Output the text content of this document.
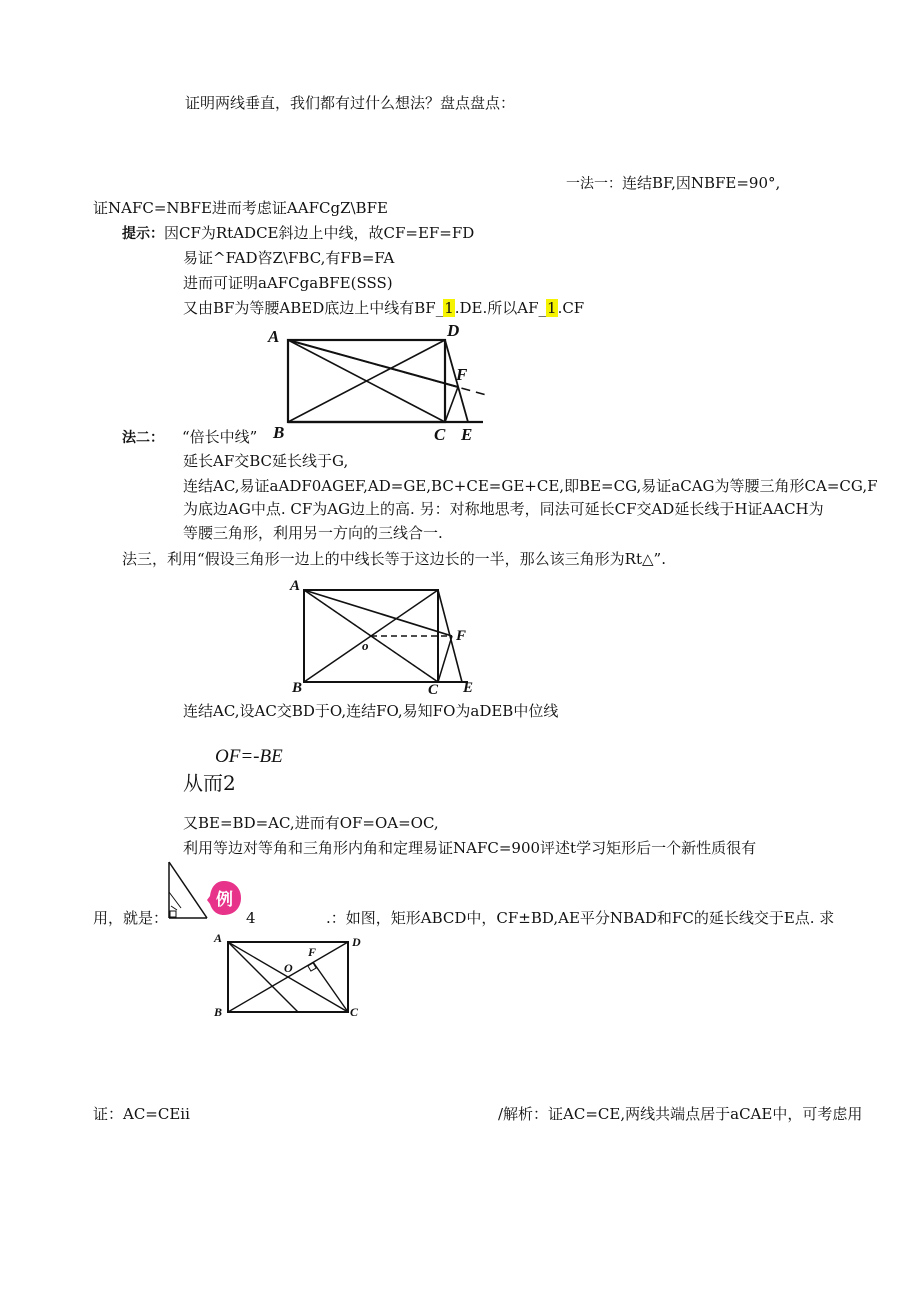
证明两线垂直，我们都有过什么想法？盘点盘点：
一法一：连结BF,因NBFE=90°,
证NAFC=NBFE进而考虑证AAFCgZ\BFE
提示：因CF为RtADCE斜边上中线，故CF=EF=FD
易证^FAD咨Z\FBC,有FB=FA
进而可证明aAFCgaBFE(SSS)
又由BF为等腰ABED底边上中线有BF_1.DE.所以AF_1.CF
A	D
F
B	C E
法二： “倍长中线”
延长AF交BC延长线于G,
连结AC,易证aADF0AGEF,AD=GE,BC+CE=GE+CE,即BE=CG,易证aCAG为等腰三角形CA=CG,F
为底边AG中点. CF为AG边上的高. 另：对称地思考，同法可延长CF交AD延长线于H证AACH为
等腰三角形，利用另一方向的三线合一.
法三，利用“假设三角形一边上的中线长等于这边长的一半，那么该三角形为Rt△”.
A
F
o
B	C E
连结AC,设AC交BD于O,连结FO,易知FO为aDEB中位线
OF=-BE
从而2
又BE=BD=AC,进而有OF=OA=OC,
利用等边对等角和三角形内角和定理易证NAFC=900评述t学习矩形后一个新性质很有
用，就是：
例
4	.：如图，矩形ABCD中，CF±BD,AE平分NBAD和FC的延长线交于E点. 求
A	D
F
O
B	C
证：AC=CEii	/解析：证AC=CE,两线共端点居于aCAE中，可考虑用
